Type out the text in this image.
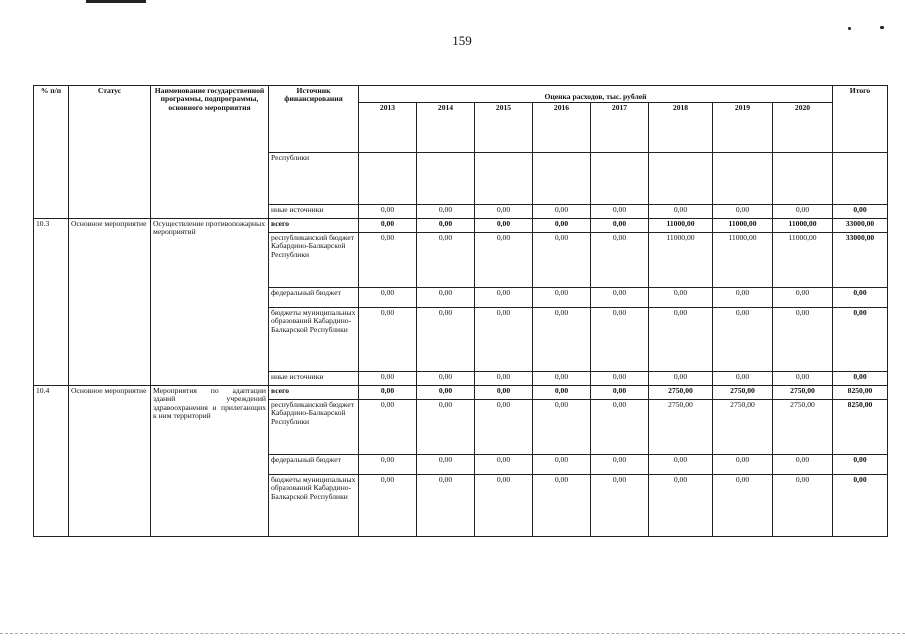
159
% п/п	Статус	Наименование государственной программы, подпрограммы, основного мероприятия	Источник финансирования	Оценка расходов, тыс. рублей								Итого
				2013	2014	2015	2016	2017	2018	2019	2020	
			Республики									
			иные источники	0,00	0,00	0,00	0,00	0,00	0,00	0,00	0,00	0,00
10.3	Основное мероприятие	Осуществление противопожарных мероприятий	всего	0,00	0,00	0,00	0,00	0,00	11000,00	11000,00	11000,00	33000,00
			республиканский бюджет Кабардино-Балкарской Республики	0,00	0,00	0,00	0,00	0,00	11000,00	11000,00	11000,00	33000,00
			федеральный бюджет	0,00	0,00	0,00	0,00	0,00	0,00	0,00	0,00	0,00
			бюджеты муниципальных образований Кабардино-Балкарской Республики	0,00	0,00	0,00	0,00	0,00	0,00	0,00	0,00	0,00
			иные источники	0,00	0,00	0,00	0,00	0,00	0,00	0,00	0,00	0,00
10.4	Основное мероприятие	Мероприятия по адаптации зданий учреждений здравоохранения и прилегающих к ним территорий	всего	0,00	0,00	0,00	0,00	0,00	2750,00	2750,00	2750,00	8250,00
			республиканский бюджет Кабардино-Балкарской Республики	0,00	0,00	0,00	0,00	0,00	2750,00	2750,00	2750,00	8250,00
			федеральный бюджет	0,00	0,00	0,00	0,00	0,00	0,00	0,00	0,00	0,00
			бюджеты муниципальных образований Кабардино-Балкарской Республики	0,00	0,00	0,00	0,00	0,00	0,00	0,00	0,00	0,00
